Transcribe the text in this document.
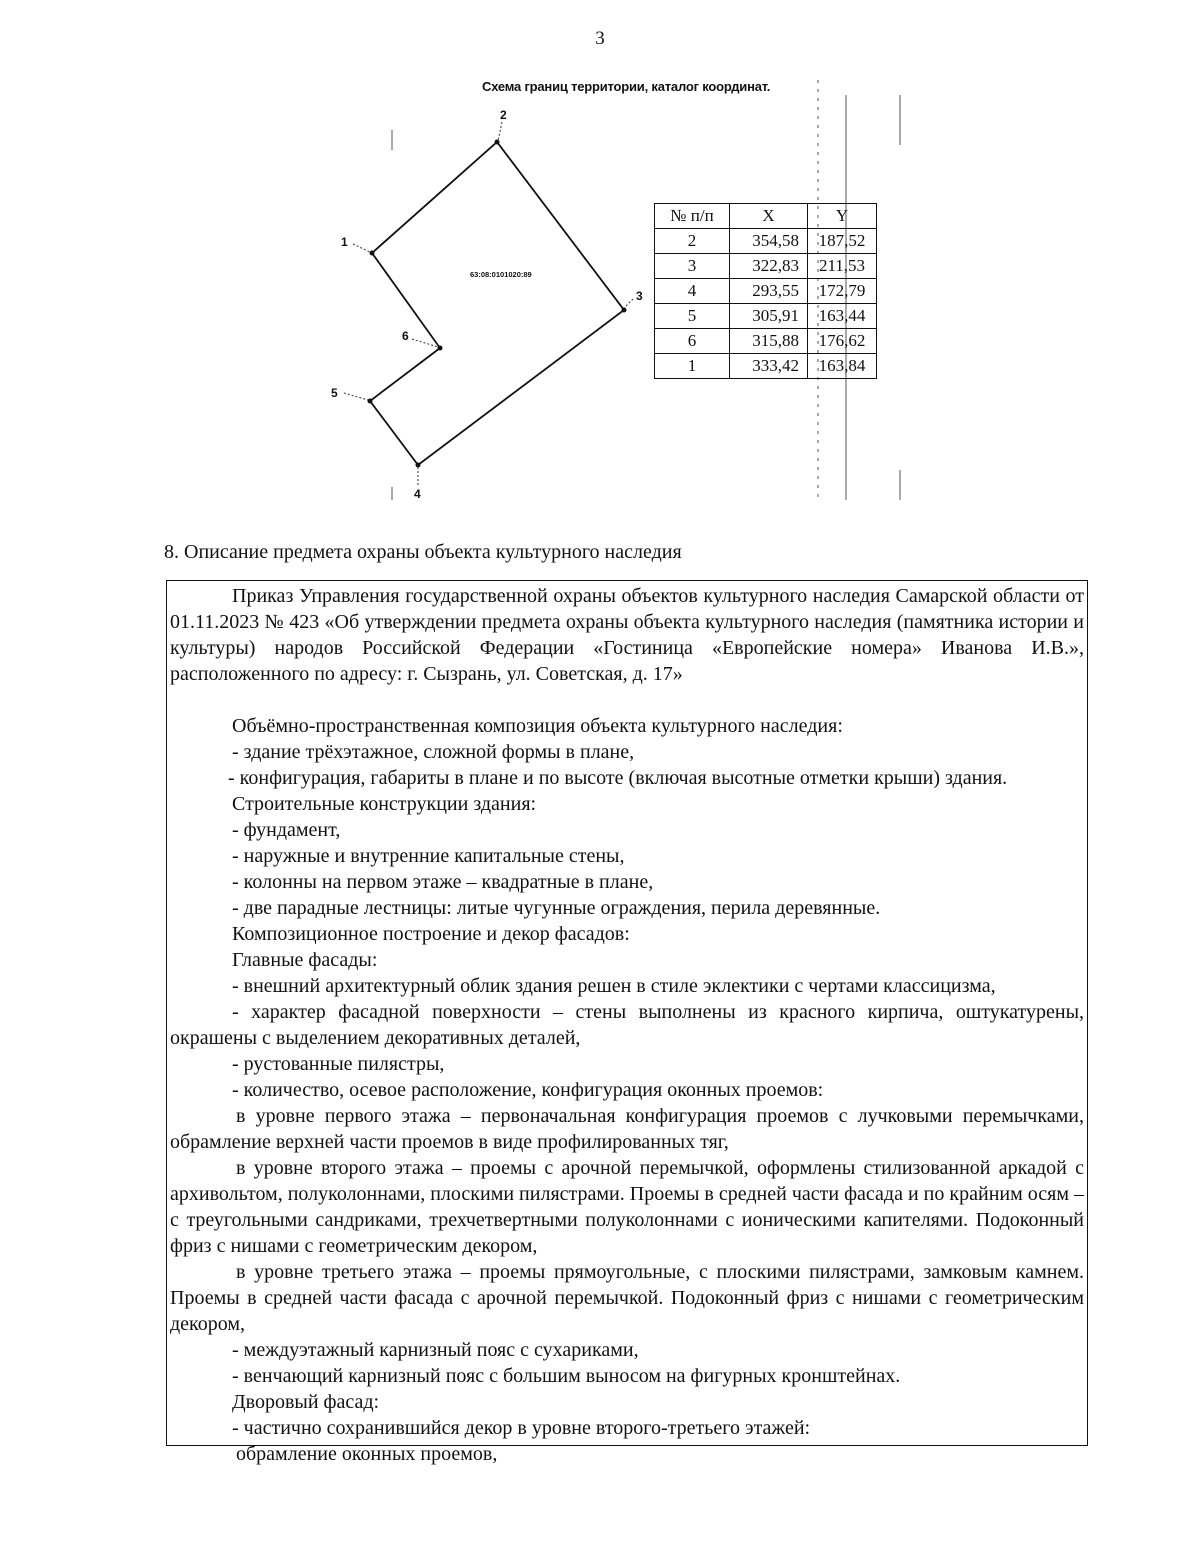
3
Схема границ территории, каталог координат.
1
2
3
4
5
6
63:08:0101020:89
№ п/п	X	Y
2	354,58	187,52
3	322,83	211,53
4	293,55	172,79
5	305,91	163,44
6	315,88	176,62
1	333,42	163,84
8. Описание предмета охраны объекта культурного наследия

Приказ Управления государственной охраны объектов культурного наследия Самарской области от 01.11.2023 № 423 «Об утверждении предмета охраны объекта культурного наследия (памятника истории и культуры) народов Российской Федерации «Гостиница «Европейские номера» Иванова И.В.», расположенного по адресу: г. Сызрань, ул. Советская, д. 17»

Объёмно-пространственная композиция объекта культурного наследия:

- здание трёхэтажное, сложной формы в плане,

- конфигурация, габариты в плане и по высоте (включая высотные отметки крыши) здания.

Строительные конструкции здания:

- фундамент,

- наружные и внутренние капитальные стены,

- колонны на первом этаже – квадратные в плане,

- две парадные лестницы: литые чугунные ограждения, перила деревянные.

Композиционное построение и декор фасадов:

Главные фасады:

- внешний архитектурный облик здания решен в стиле эклектики с чертами классицизма,

- характер фасадной поверхности – стены выполнены из красного кирпича, оштукатурены, окрашены с выделением декоративных деталей,

- рустованные пилястры,

- количество, осевое расположение, конфигурация оконных проемов:

в уровне первого этажа – первоначальная конфигурация проемов с лучковыми перемычками, обрамление верхней части проемов в виде профилированных тяг,

в уровне второго этажа – проемы с арочной перемычкой, оформлены стилизованной аркадой с архивольтом, полуколоннами, плоскими пилястрами. Проемы в средней части фасада и по крайним осям – с треугольными сандриками, трехчетвертными полуколоннами с ионическими капителями. Подоконный фриз с нишами с геометрическим декором,

в уровне третьего этажа – проемы прямоугольные, с плоскими пилястрами, замковым камнем. Проемы в средней части фасада с арочной перемычкой. Подоконный фриз с нишами с геометрическим декором,

- междуэтажный карнизный пояс с сухариками,

- венчающий карнизный пояс с большим выносом на фигурных кронштейнах.

Дворовый фасад:

- частично сохранившийся декор в уровне второго-третьего этажей:

обрамление оконных проемов,
